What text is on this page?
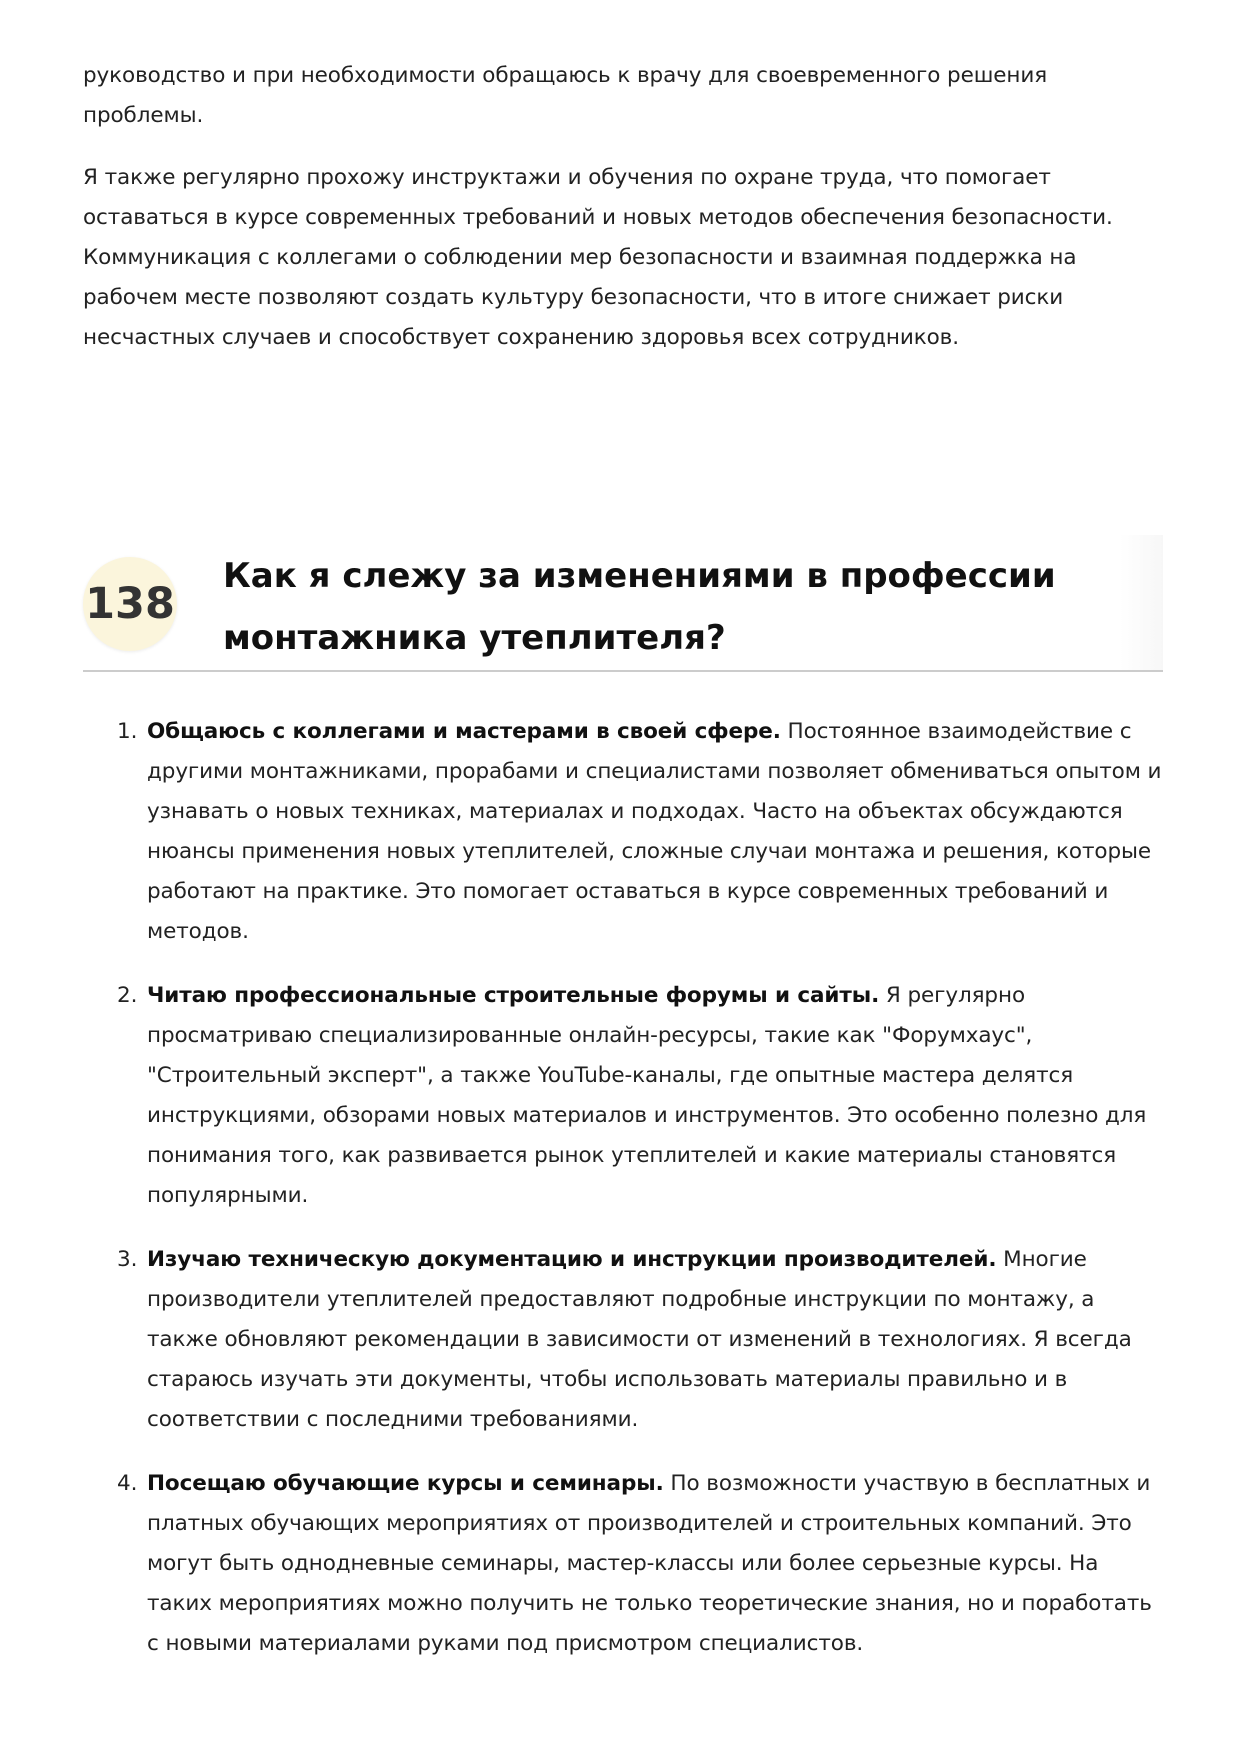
руководство и при необходимости обращаюсь к врачу для своевременного решения проблемы.

Я также регулярно прохожу инструктажи и обучения по охране труда, что помогает оставаться в курсе современных требований и новых методов обеспечения безопасности. Коммуникация с коллегами о соблюдении мер безопасности и взаимная поддержка на рабочем месте позволяют создать культуру безопасности, что в итоге снижает риски несчастных случаев и способствует сохранению здоровья всех сотрудников.

138
Как я слежу за изменениями в профессии монтажника утеплителя?
1. Общаюсь с коллегами и мастерами в своей сфере. Постоянное взаимодействие с другими монтажниками, прорабами и специалистами позволяет обмениваться опытом и узнавать о новых техниках, материалах и подходах. Часто на объектах обсуждаются нюансы применения новых утеплителей, сложные случаи монтажа и решения, которые работают на практике. Это помогает оставаться в курсе современных требований и методов.
2. Читаю профессиональные строительные форумы и сайты. Я регулярно просматриваю специализированные онлайн-ресурсы, такие как "Форумхаус", "Строительный эксперт", а также YouTube-каналы, где опытные мастера делятся инструкциями, обзорами новых материалов и инструментов. Это особенно полезно для понимания того, как развивается рынок утеплителей и какие материалы становятся популярными.
3. Изучаю техническую документацию и инструкции производителей. Многие производители утеплителей предоставляют подробные инструкции по монтажу, а также обновляют рекомендации в зависимости от изменений в технологиях. Я всегда стараюсь изучать эти документы, чтобы использовать материалы правильно и в соответствии с последними требованиями.
4. Посещаю обучающие курсы и семинары. По возможности участвую в бесплатных и платных обучающих мероприятиях от производителей и строительных компаний. Это могут быть однодневные семинары, мастер-классы или более серьезные курсы. На таких мероприятиях можно получить не только теоретические знания, но и поработать с новыми материалами руками под присмотром специалистов.
